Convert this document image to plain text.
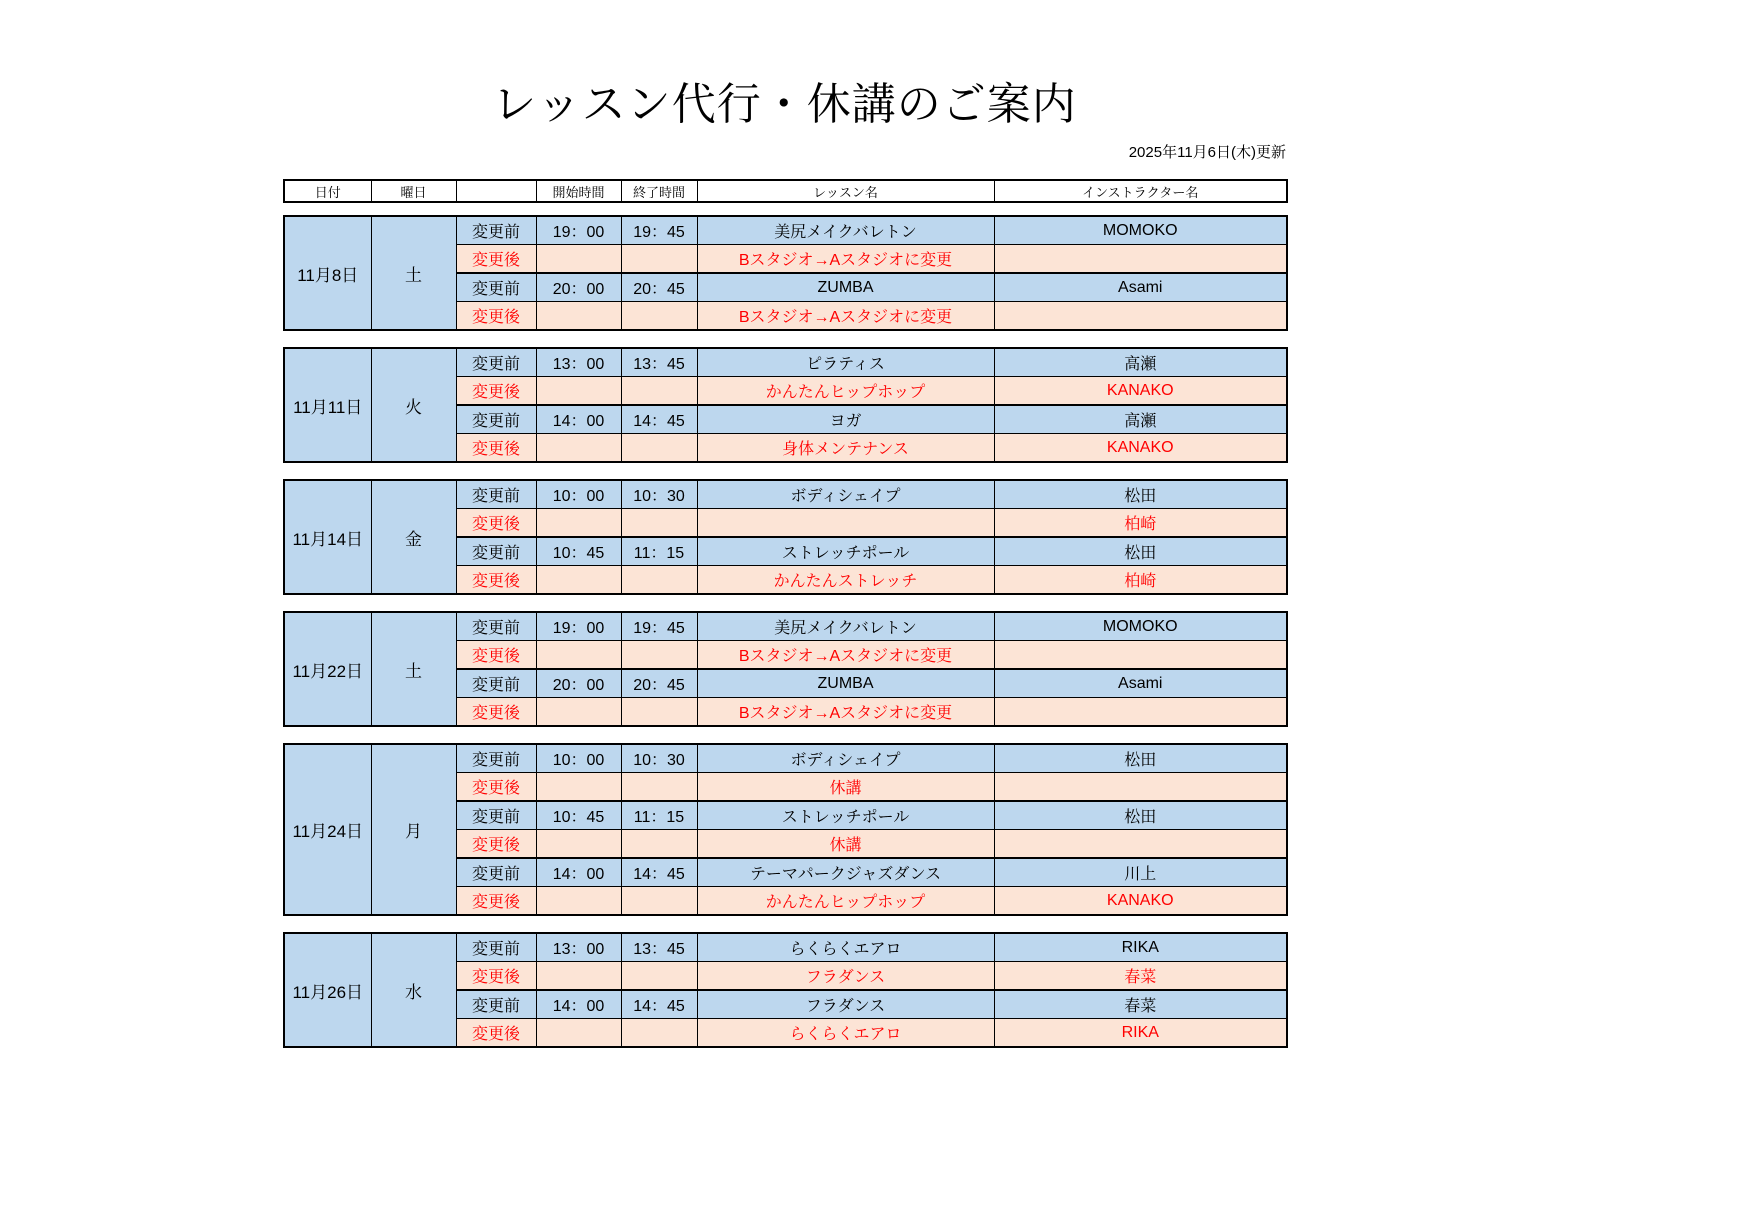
レッスン代行・休講のご案内
2025年11月6日(木)更新
日付	曜日		開始時間	終了時間	レッスン名	インストラクター名
11月8日	土	変更前	19：00	19：45	美尻メイクバレトン	MOMOKO
		変更後			Bスタジオ→Aスタジオに変更	
		変更前	20：00	20：45	ZUMBA	Asami
		変更後			Bスタジオ→Aスタジオに変更	
11月11日	火	変更前	13：00	13：45	ピラティス	高瀬
		変更後			かんたんヒップホップ	KANAKO
		変更前	14：00	14：45	ヨガ	高瀬
		変更後			身体メンテナンス	KANAKO
11月14日	金	変更前	10：00	10：30	ボディシェイプ	松田
		変更後				柏崎
		変更前	10：45	11：15	ストレッチポール	松田
		変更後			かんたんストレッチ	柏崎
11月22日	土	変更前	19：00	19：45	美尻メイクバレトン	MOMOKO
		変更後			Bスタジオ→Aスタジオに変更	
		変更前	20：00	20：45	ZUMBA	Asami
		変更後			Bスタジオ→Aスタジオに変更	
11月24日	月	変更前	10：00	10：30	ボディシェイプ	松田
		変更後			休講	
		変更前	10：45	11：15	ストレッチポール	松田
		変更後			休講	
		変更前	14：00	14：45	テーマパークジャズダンス	川上
		変更後			かんたんヒップホップ	KANAKO
11月26日	水	変更前	13：00	13：45	らくらくエアロ	RIKA
		変更後			フラダンス	春菜
		変更前	14：00	14：45	フラダンス	春菜
		変更後			らくらくエアロ	RIKA
